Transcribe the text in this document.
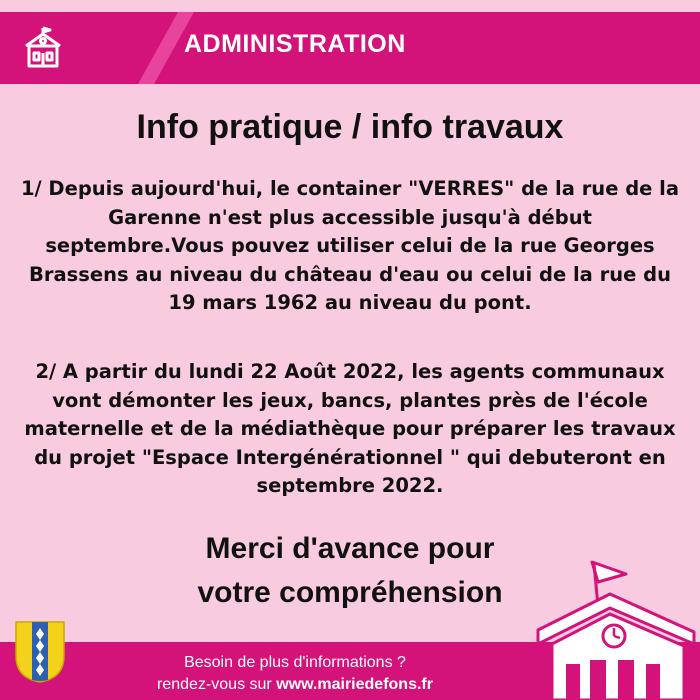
ADMINISTRATION
Info pratique / info travaux
1/ Depuis aujourd'hui, le container "VERRES" de la rue de la Garenne n'est plus accessible jusqu'à début septembre.Vous pouvez utiliser celui de la rue Georges Brassens au niveau du château d'eau ou celui de la rue du 19 mars 1962 au niveau du pont.
2/ A partir du lundi 22 Août 2022, les agents communaux vont démonter les jeux, bancs, plantes près de l'école maternelle et de la médiathèque pour préparer les travaux du projet "Espace Intergénérationnel " qui debuteront en septembre 2022.
Merci d'avance pour
votre compréhension
Besoin de plus d'informations ?
rendez-vous sur www.mairiedefons.fr
